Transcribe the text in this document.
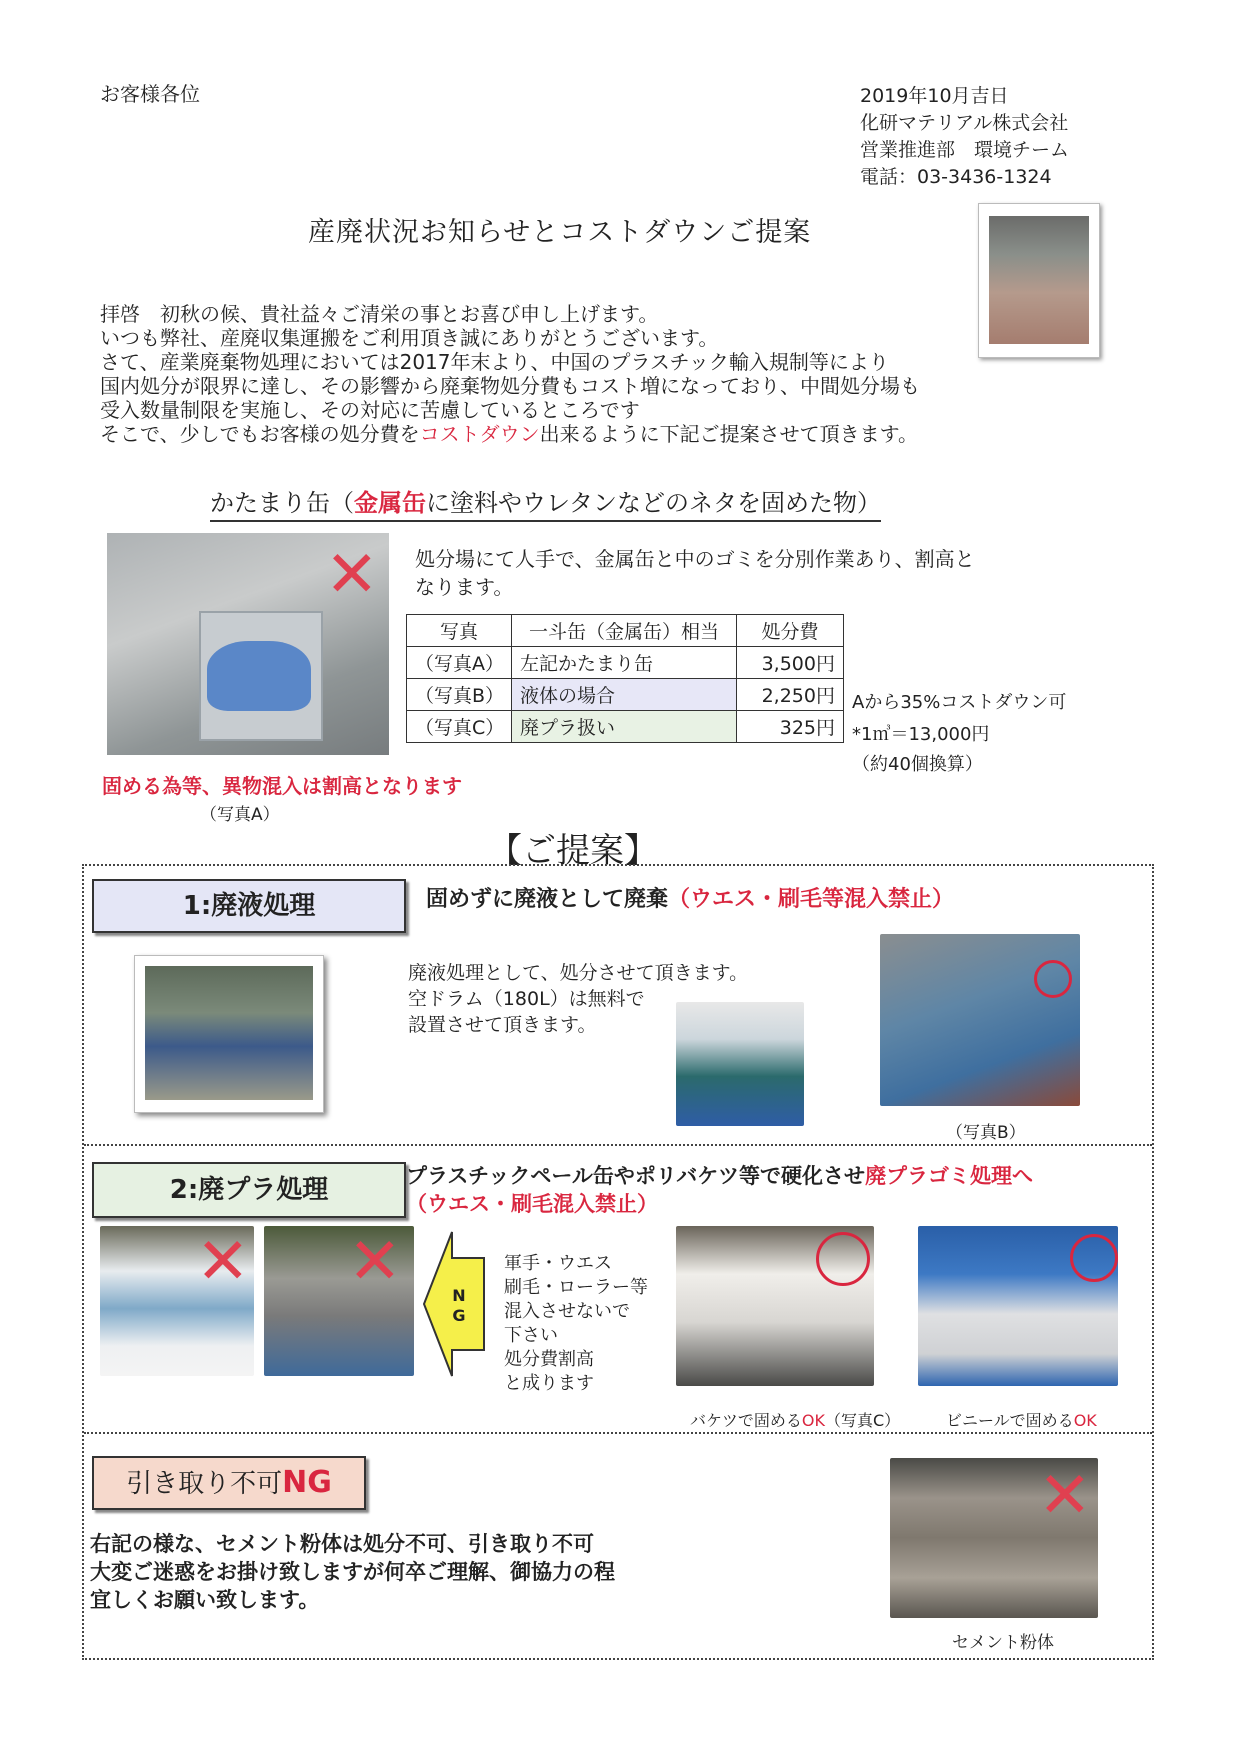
お客様各位	2019年10月吉日
化研マテリアル株式会社
営業推進部　環境チーム
電話：03-3436-1324
産廃状況お知らせとコストダウンご提案
拝啓　初秋の候、貴社益々ご清栄の事とお喜び申し上げます。
いつも弊社、産廃収集運搬をご利用頂き誠にありがとうございます。
さて、産業廃棄物処理においては2017年末より、中国のプラスチック輸入規制等により
国内処分が限界に達し、その影響から廃棄物処分費もコスト増になっており、中間処分場も
受入数量制限を実施し、その対応に苦慮しているところです
そこで、少しでもお客様の処分費をコストダウン出来るように下記ご提案させて頂きます。
かたまり缶（金属缶に塗料やウレタンなどのネタを固めた物）
✕ 処分場にて人手で、金属缶と中のゴミを分別作業あり、割高と
なります。
写真	一斗缶（金属缶）相当	処分費
（写真A）	左記かたまり缶	3,500円
（写真B）	液体の場合	2,250円
（写真C）	廃プラ扱い	325円
Aから35%コストダウン可
*1㎥＝13,000円
（約40個換算）
固める為等、異物混入は割高となります
（写真A）
【ご提案】
1:廃液処理	固めずに廃液として廃棄（ウエス・刷毛等混入禁止）
廃液処理として、処分させて頂きます。
空ドラム（180L）は無料で
設置させて頂きます。
（写真B）
2:廃プラ処理	プラスチックペール缶やポリバケツ等で硬化させ廃プラゴミ処理へ
（ウエス・刷毛混入禁止）
✕ ✕	N G
軍手・ウエス
刷毛・ローラー等
混入させないで
下さい
処分費割高
と成ります
バケツで固めるOK（写真C）	ビニールで固めるOK
引き取り不可NG
右記の様な、セメント粉体は処分不可、引き取り不可
大変ご迷惑をお掛け致しますが何卒ご理解、御協力の程
宜しくお願い致します。
✕
セメント粉体
